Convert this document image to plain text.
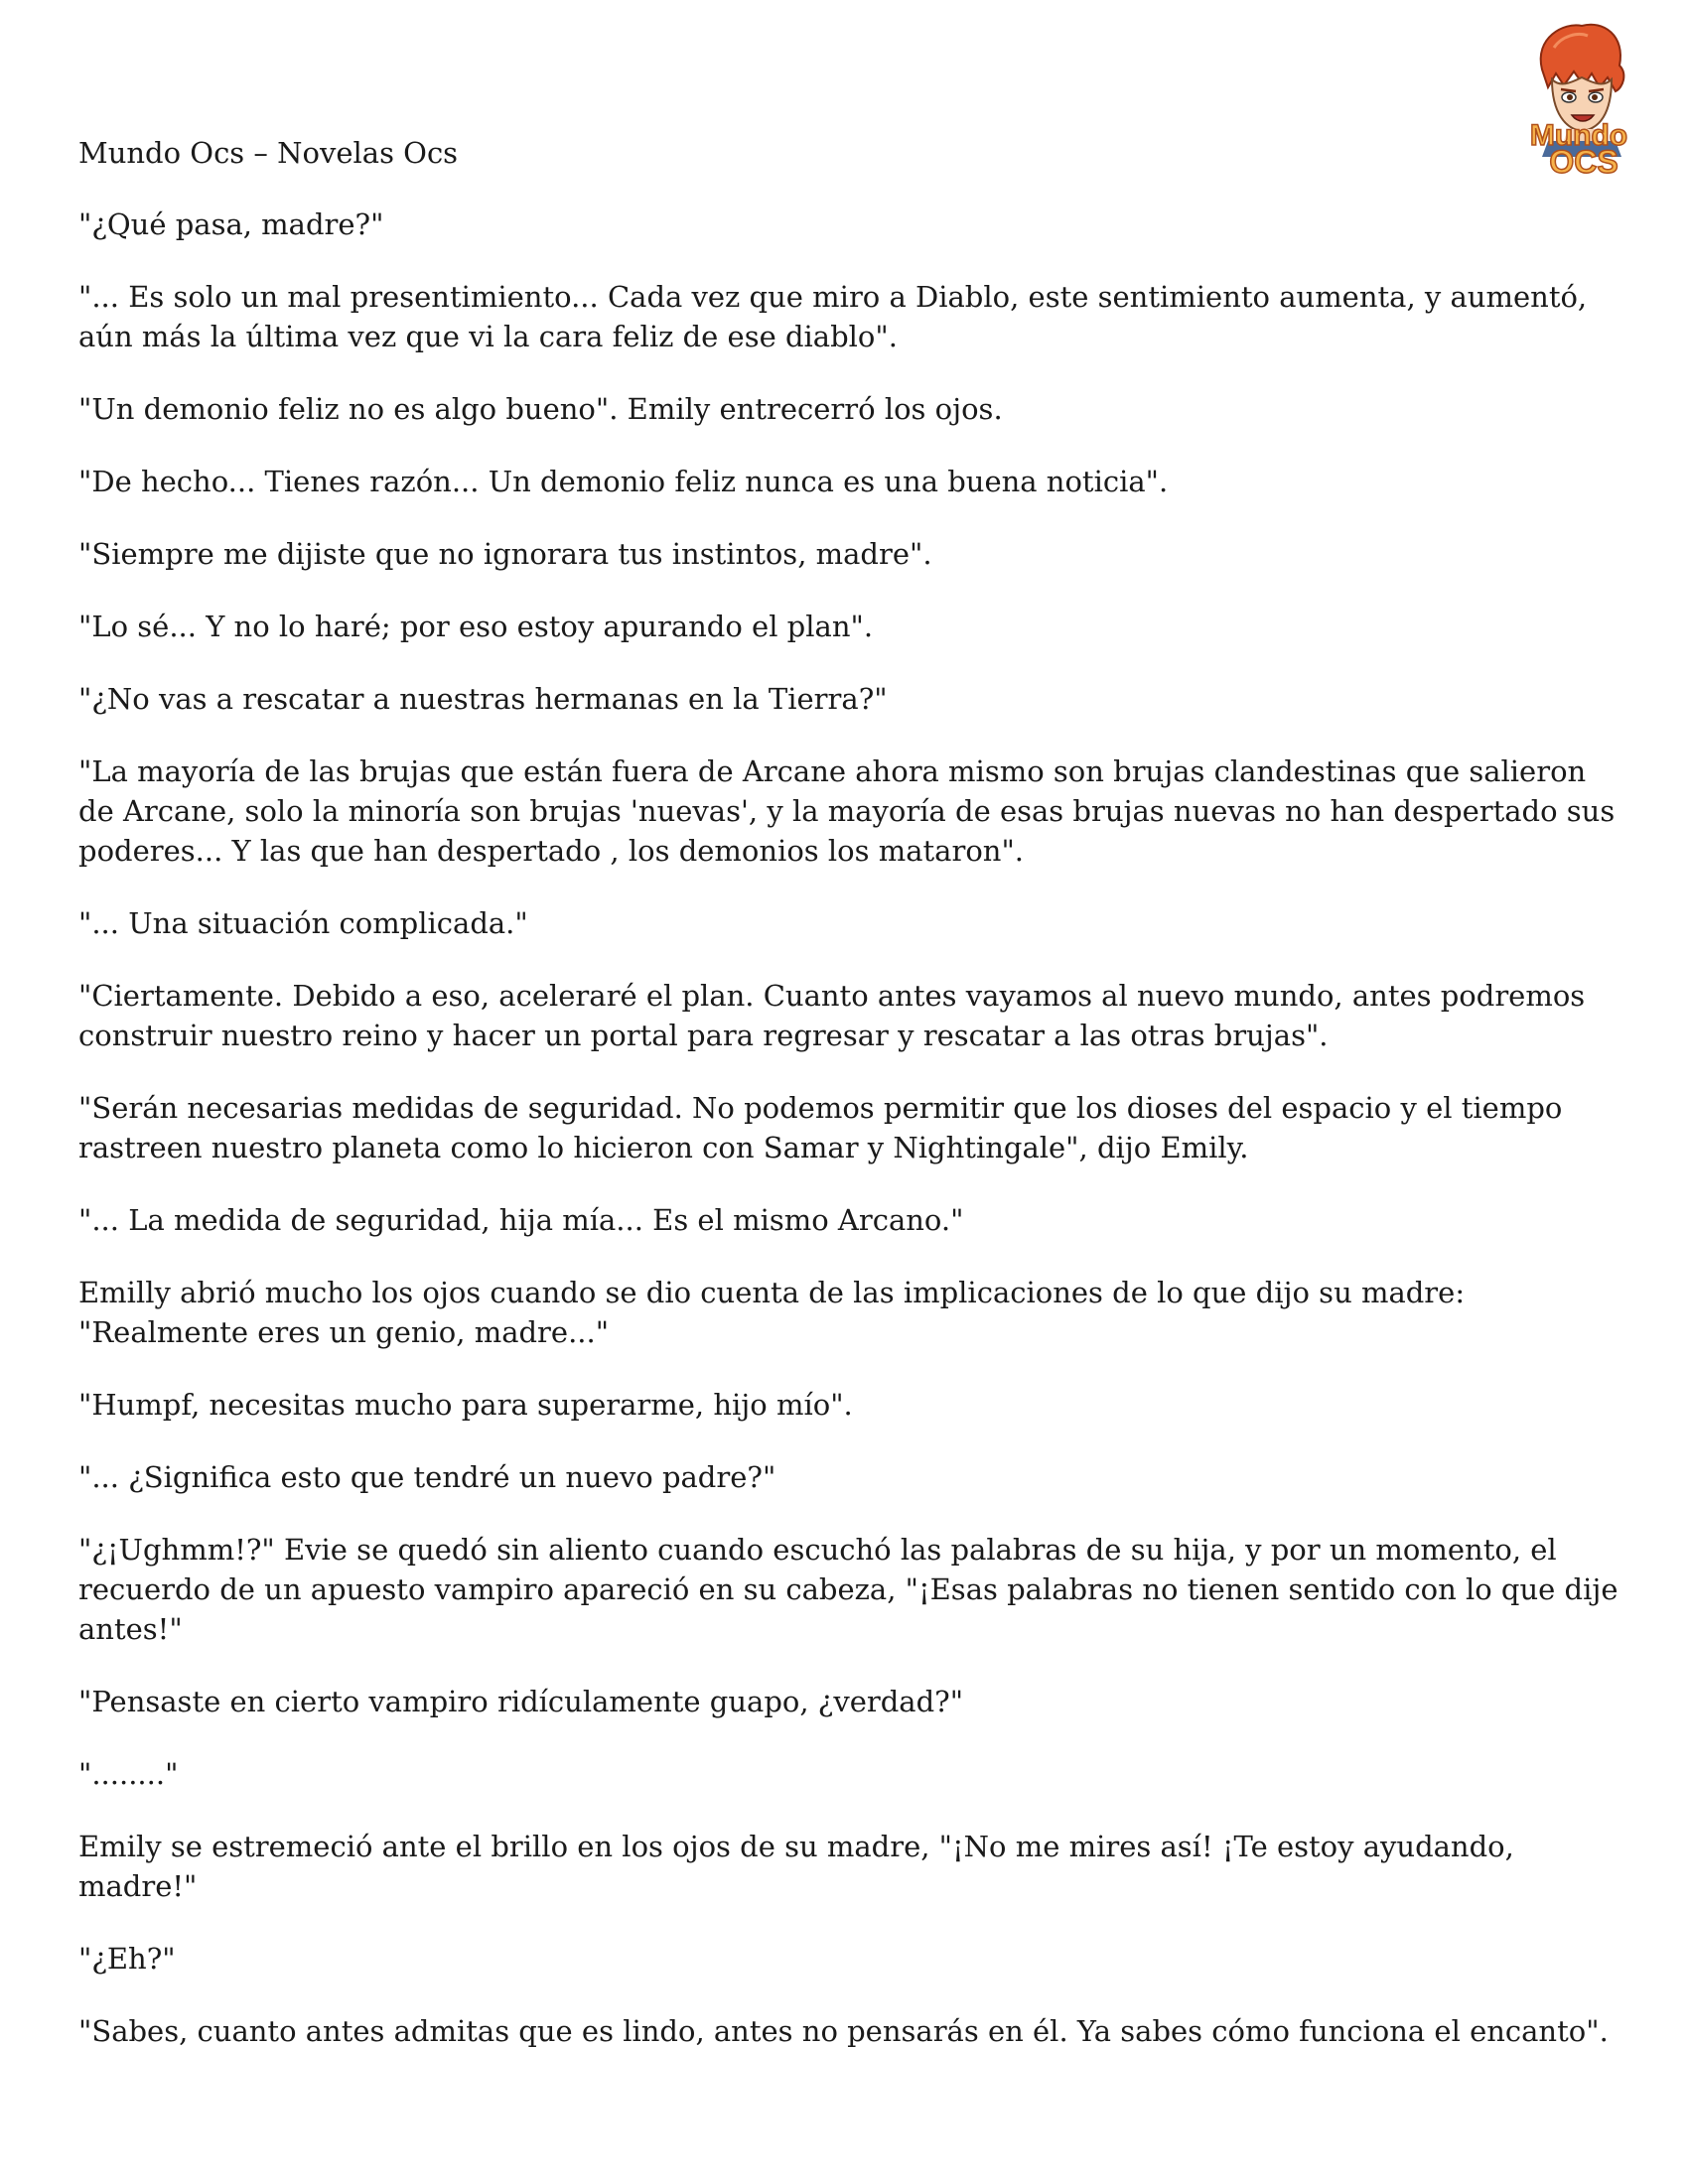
Mundo Ocs – Novelas Ocs
Mundo
OCS

"¿Qué pasa, madre?"

"... Es solo un mal presentimiento... Cada vez que miro a Diablo, este sentimiento aumenta, y aumentó, aún más la última vez que vi la cara feliz de ese diablo".

"Un demonio feliz no es algo bueno". Emily entrecerró los ojos.

"De hecho... Tienes razón... Un demonio feliz nunca es una buena noticia".

"Siempre me dijiste que no ignorara tus instintos, madre".

"Lo sé... Y no lo haré; por eso estoy apurando el plan".

"¿No vas a rescatar a nuestras hermanas en la Tierra?"

"La mayoría de las brujas que están fuera de Arcane ahora mismo son brujas clandestinas que salieron de Arcane, solo la minoría son brujas 'nuevas', y la mayoría de esas brujas nuevas no han despertado sus poderes... Y las que han despertado , los demonios los mataron".

"... Una situación complicada."

"Ciertamente. Debido a eso, aceleraré el plan. Cuanto antes vayamos al nuevo mundo, antes podremos construir nuestro reino y hacer un portal para regresar y rescatar a las otras brujas".

"Serán necesarias medidas de seguridad. No podemos permitir que los dioses del espacio y el tiempo rastreen nuestro planeta como lo hicieron con Samar y Nightingale", dijo Emily.

"... La medida de seguridad, hija mía... Es el mismo Arcano."

Emilly abrió mucho los ojos cuando se dio cuenta de las implicaciones de lo que dijo su madre: "Realmente eres un genio, madre..."

"Humpf, necesitas mucho para superarme, hijo mío".

"... ¿Significa esto que tendré un nuevo padre?"

"¿¡Ughmm!?" Evie se quedó sin aliento cuando escuchó las palabras de su hija, y por un momento, el recuerdo de un apuesto vampiro apareció en su cabeza, "¡Esas palabras no tienen sentido con lo que dije antes!"

"Pensaste en cierto vampiro ridículamente guapo, ¿verdad?"

"........"

Emily se estremeció ante el brillo en los ojos de su madre, "¡No me mires así! ¡Te estoy ayudando, madre!"

"¿Eh?"

"Sabes, cuanto antes admitas que es lindo, antes no pensarás en él. Ya sabes cómo funciona el encanto".
